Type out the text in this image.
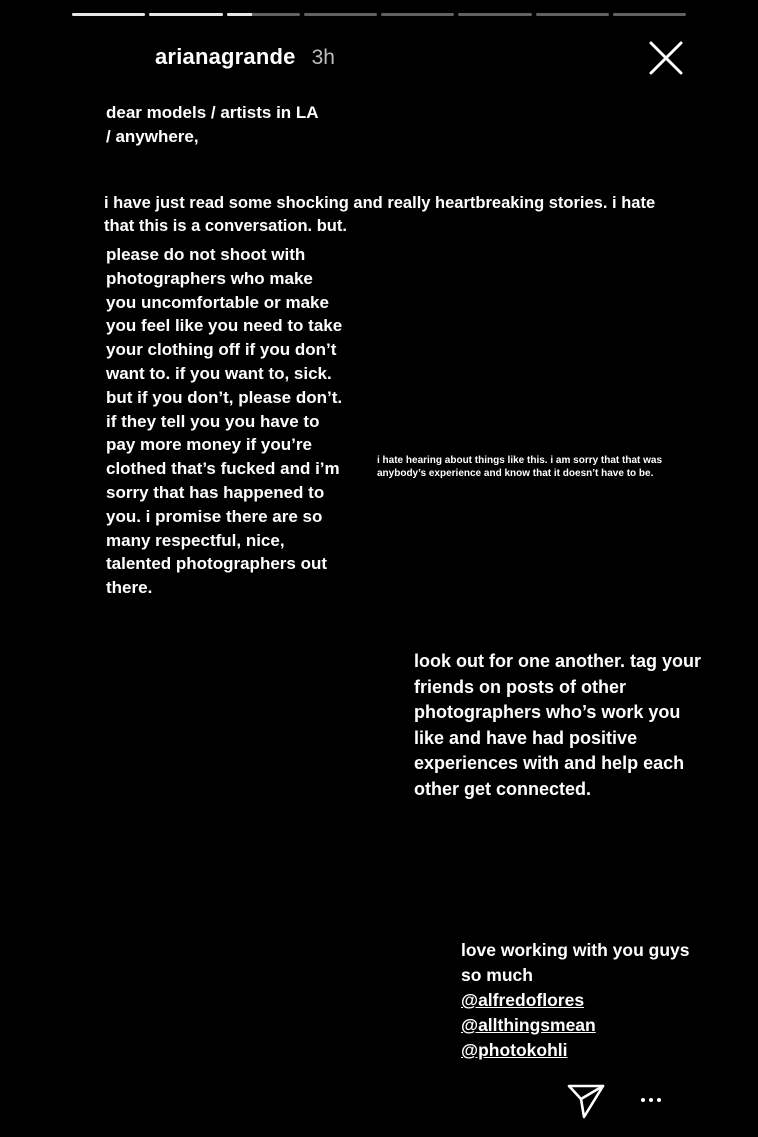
arianagrande 3h

dear models / artists in LA / anywhere,

i have just read some shocking and really heartbreaking stories. i hate that this is a conversation. but.

please do not shoot with photographers who make you uncomfortable or make you feel like you need to take your clothing off if you don’t want to. if you want to, sick. but if you don’t, please don’t. if they tell you you have to pay more money if you’re clothed that’s fucked and i’m sorry that has happened to you. i promise there are so many respectful, nice, talented photographers out there.

i hate hearing about things like this. i am sorry that that was anybody’s experience and know that it doesn’t have to be.

look out for one another. tag your friends on posts of other photographers who’s work you like and have had positive experiences with and help each other get connected.

love working with you guys so much
@alfredoflores
@allthingsmean
@photokohli
